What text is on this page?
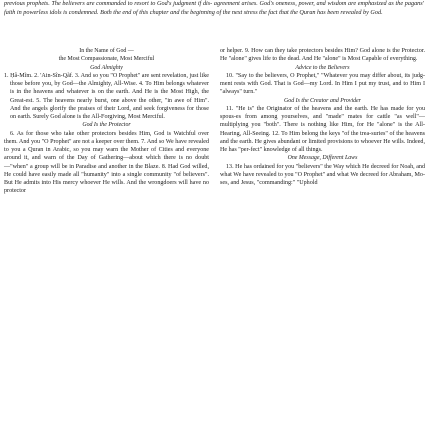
previous prophets. The believers are commanded to resort to God's judgment if dis- agreement arises. God's oneness, power, and wisdom are emphasized as the pagans' faith in powerless idols is condemned. Both the end of this chapter and the beginning of the next stress the fact that the Quran has been revealed by God.

In the Name of God —
the Most Compassionate, Most Merciful
God Almighty

1. Ḥâ-Mĩm. 2. 'Ain-Sĩn-Qãf. 3. And so you "O Prophet" are sent revelation, just like those before you, by God—the Almighty, All-Wise. 4. To Him belongs whatever is in the heavens and whatever is on the earth. And He is the Most High, the Great-est. 5. The heavens nearly burst, one above the other, "in awe of Him". And the angels glorify the praises of their Lord, and seek forgiveness for those on earth. Surely God alone is the All-Forgiving, Most Merciful.

God Is the Protector

6. As for those who take other protectors besides Him, God is Watchful over them. And you "O Prophet" are not a keeper over them. 7. And so We have revealed to you a Quran in Arabic, so you may warn the Mother of Cities and everyone around it, and warn of the Day of Gathering—about which there is no doubt—"when" a group will be in Paradise and another in the Blaze. 8. Had God willed, He could have easily made all "humanity" into a single community "of believers". But He admits into His mercy whoever He wills. And the wrongdoers will have no protector

or helper. 9. How can they take protectors besides Him? God alone is the Protector. He "alone" gives life to the dead. And He "alone" is Most Capable of everything.

Advice to the Believers

10. "Say to the believers, O Prophet," "Whatever you may differ about, its judg-ment rests with God. That is God—my Lord. In Him I put my trust, and to Him I "always" turn."

God Is the Creator and Provider

11. "He is" the Originator of the heavens and the earth. He has made for you spous-es from among yourselves, and "made" mates for cattle "as well"—multiplying you "both". There is nothing like Him, for He "alone" is the All-Hearing, All-Seeing. 12. To Him belong the keys "of the trea-suries" of the heavens and the earth. He gives abundant or limited provisions to whoever He wills. Indeed, He has "per-fect" knowledge of all things.

One Message, Different Laws

13. He has ordained for you "believers" the Way which He decreed for Noah, and what We have revealed to you "O Prophet" and what We decreed for Abraham, Mo-ses, and Jesus, "commanding:" "Uphold
